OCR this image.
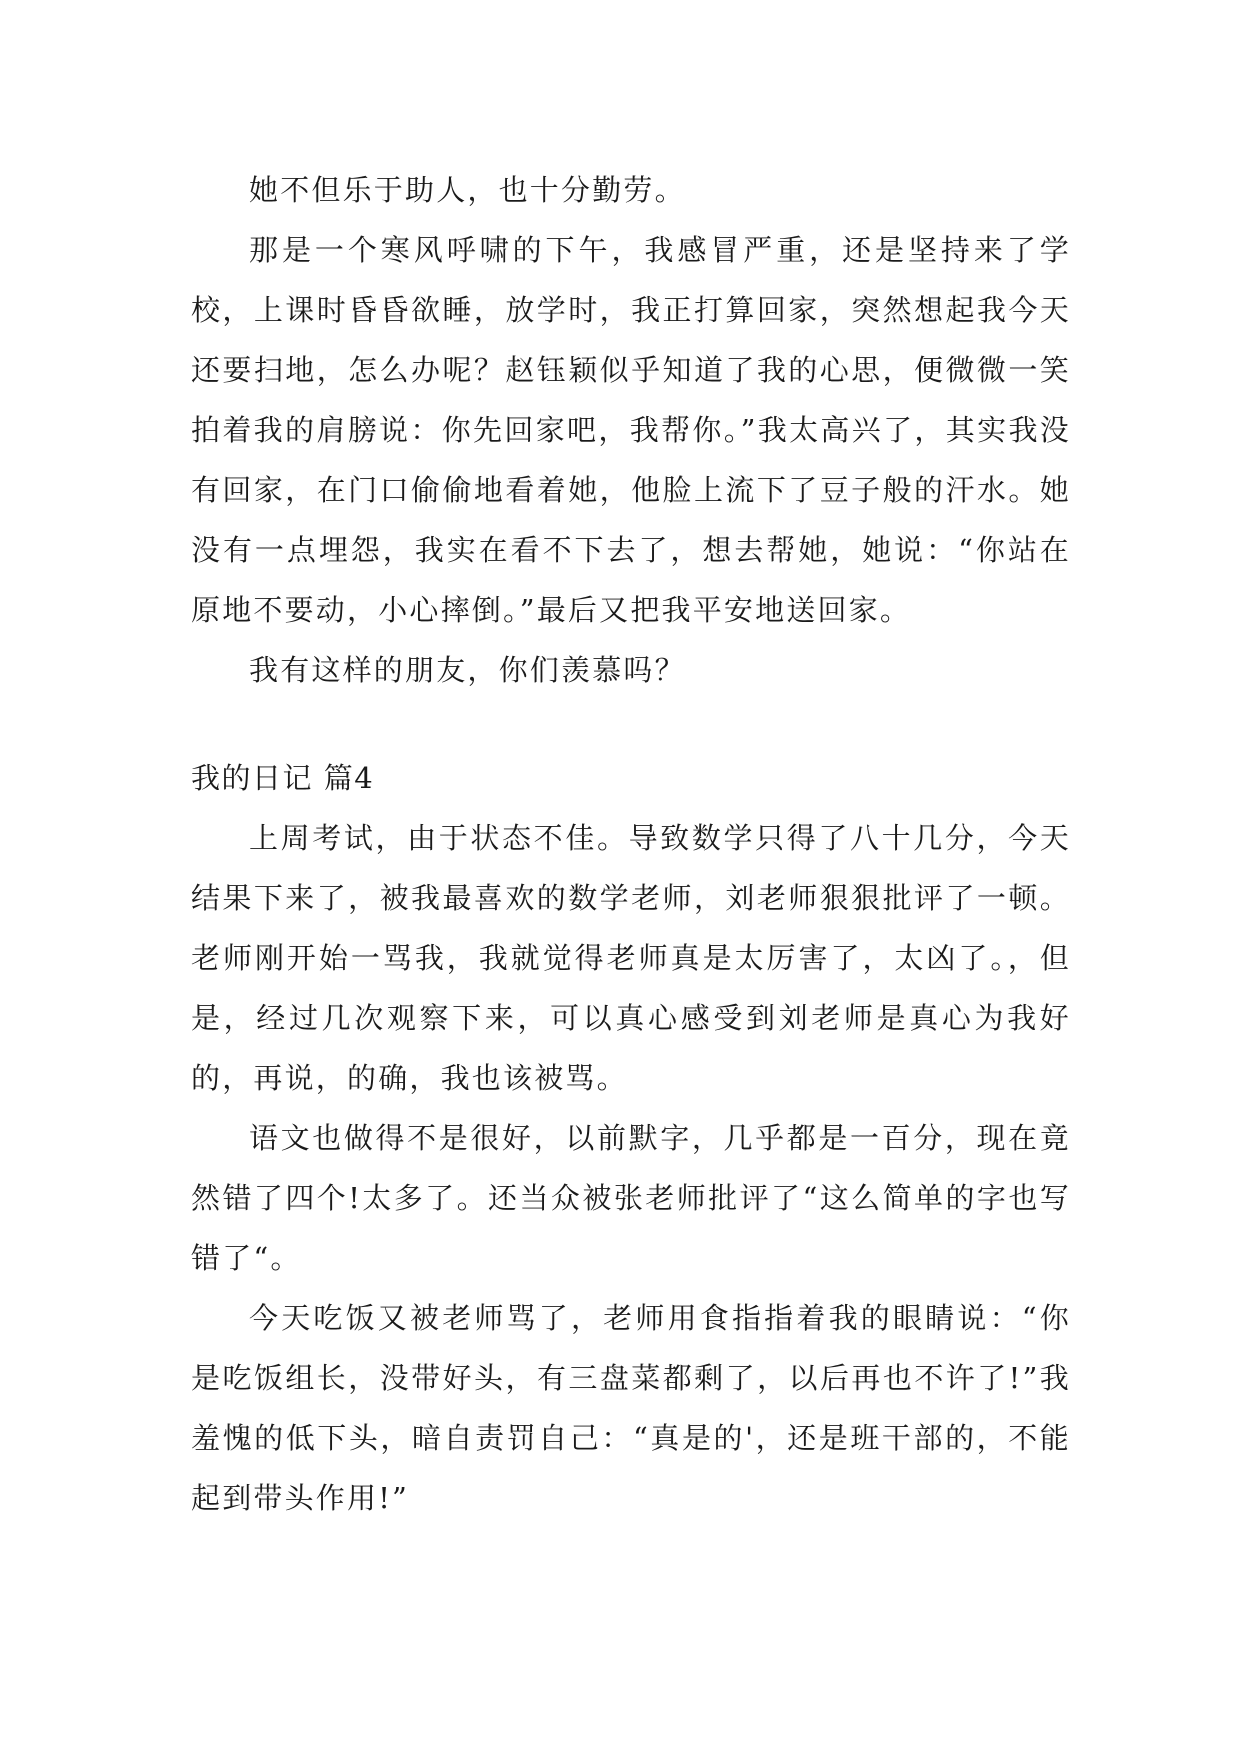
她不但乐于助人，也十分勤劳。

那是一个寒风呼啸的下午，我感冒严重，还是坚持来了学校，上课时昏昏欲睡，放学时，我正打算回家，突然想起我今天还要扫地，怎么办呢？赵钰颖似乎知道了我的心思，便微微一笑拍着我的肩膀说：你先回家吧，我帮你。”我太高兴了，其实我没有回家，在门口偷偷地看着她，他脸上流下了豆子般的汗水。她没有一点埋怨，我实在看不下去了，想去帮她，她说：“你站在原地不要动，小心摔倒。”最后又把我平安地送回家。

我有这样的朋友，你们羡慕吗？

我的日记 篇4

上周考试，由于状态不佳。导致数学只得了八十几分，今天结果下来了，被我最喜欢的数学老师，刘老师狠狠批评了一顿。老师刚开始一骂我，我就觉得老师真是太厉害了，太凶了。，但是，经过几次观察下来，可以真心感受到刘老师是真心为我好的，再说，的确，我也该被骂。

语文也做得不是很好，以前默字，几乎都是一百分，现在竟然错了四个!太多了。还当众被张老师批评了“这么简单的字也写错了“。

今天吃饭又被老师骂了，老师用食指指着我的眼睛说：“你是吃饭组长，没带好头，有三盘菜都剩了，以后再也不许了!”我羞愧的低下头，暗自责罚自己：“真是的'，还是班干部的，不能起到带头作用!”
